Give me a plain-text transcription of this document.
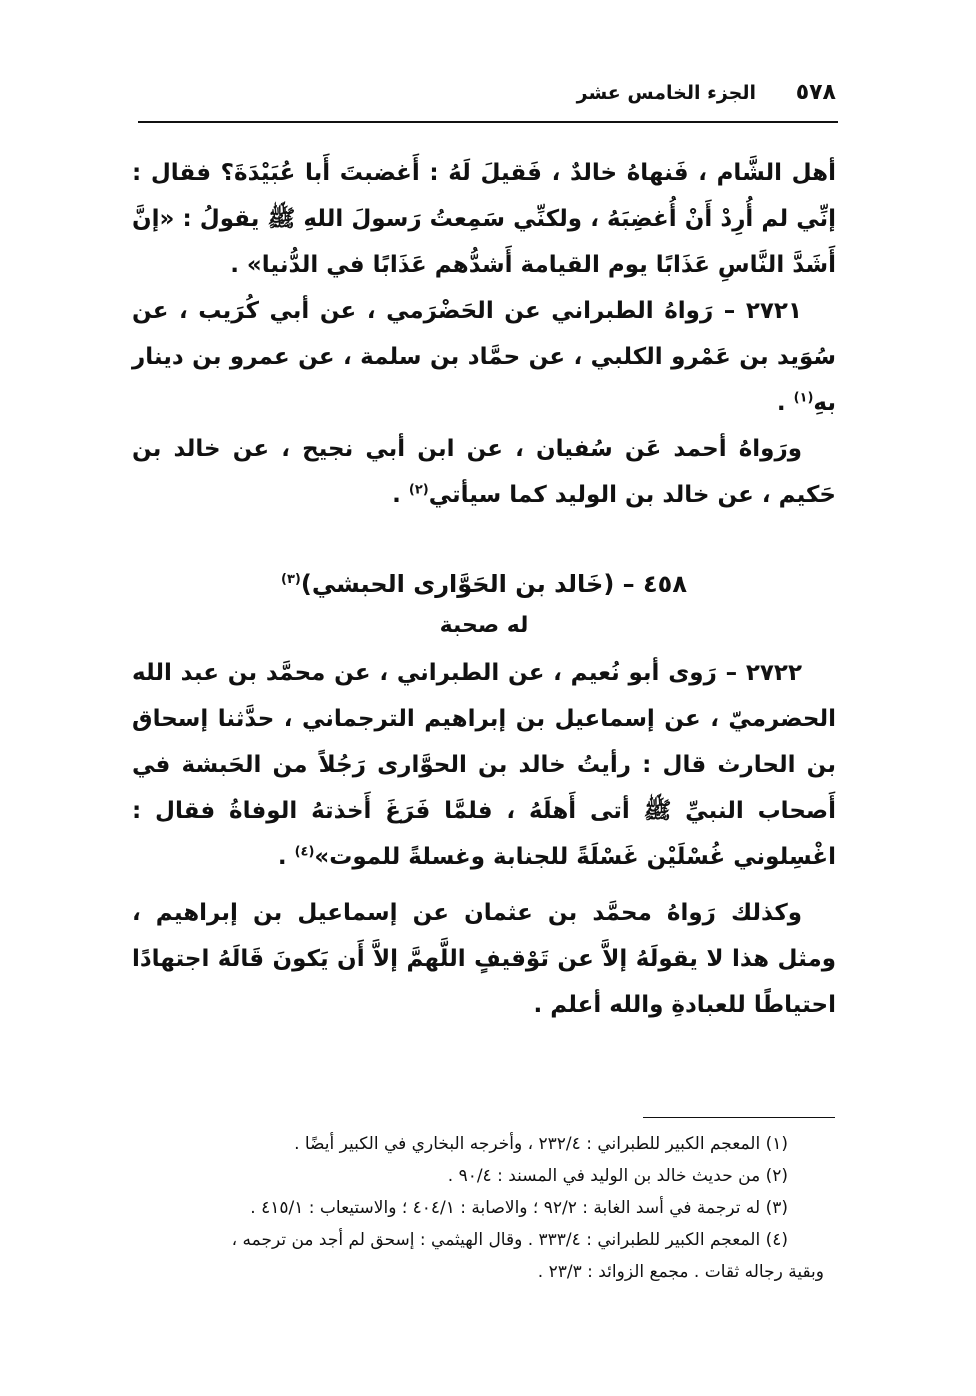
٥٧٨
الجزء الخامس عشر

أهل الشَّام ، فَنهاهُ خالدٌ ، فَقيلَ لَهُ : أَغضبتَ أَبا عُبَيْدَةَ؟ فقال : إنِّي لم أُرِدْ أَنْ أُغضِبَهُ ، ولكنِّي سَمِعتُ رَسولَ اللهِ ﷺ يقولُ : «إنَّ أَشَدَّ النَّاسِ عَذَابًا يوم القيامة أَشدُّهم عَذَابًا في الدُّنيا» .

٢٧٢١ – رَواهُ الطبراني عن الحَضْرَمي ، عن أبي كُرَيب ، عن سُوَيد بن عَمْرو الكلبي ، عن حمَّاد بن سلمة ، عن عمرو بن دينار بهِ$^{(١)}$ .

ورَواهُ أحمد عَن سُفيان ، عن ابن أبي نجيح ، عن خالد بن حَكيم ، عن خالد بن الوليد كما سيأتي$^{(٢)}$ .

٤٥٨ – (خَالد بن الحَوَّارى الحبشي)$^{(٣)}$
له صحبة

٢٧٢٢ – رَوى أبو نُعيم ، عن الطبراني ، عن محمَّد بن عبد الله الحضرميّ ، عن إسماعيل بن إبراهيم الترجماني ، حدَّثنا إسحاق بن الحارث قال : رأيتُ خالد بن الحوَّارى رَجُلاً من الحَبشة في أَصحاب النبيِّ ﷺ أتى أَهلَهُ ، فلمَّا فَرَغَ أَخذتهُ الوفاةُ فقال : اغْسِلوني غُسْلَيْن غَسْلَةً للجنابة وغسلةً للموت»$^{(٤)}$ .

وكذلك رَواهُ محمَّد بن عثمان عن إسماعيل بن إبراهيم ، ومثل هذا لا يقولَهُ إلاَّ عن تَوْقيفٍ اللَّهمَّ إلاَّ أَن يَكونَ قَالَهُ اجتهادًا احتياطًا للعبادةِ والله أعلم .

(١) المعجم الكبير للطبراني : ٢٣٢/٤ ، وأخرجه البخاري في الكبير أيضًا .

(٢) من حديث خالد بن الوليد في المسند : ٩٠/٤ .

(٣) له ترجمة في أسد الغابة : ٩٢/٢ ؛ والاصابة : ٤٠٤/١ ؛ والاستيعاب : ٤١٥/١ .

(٤) المعجم الكبير للطبراني : ٣٣٣/٤ . وقال الهيثمي : إسحق لم أجد من ترجمه ،

وبقية رجاله ثقات . مجمع الزوائد : ٢٣/٣ .
